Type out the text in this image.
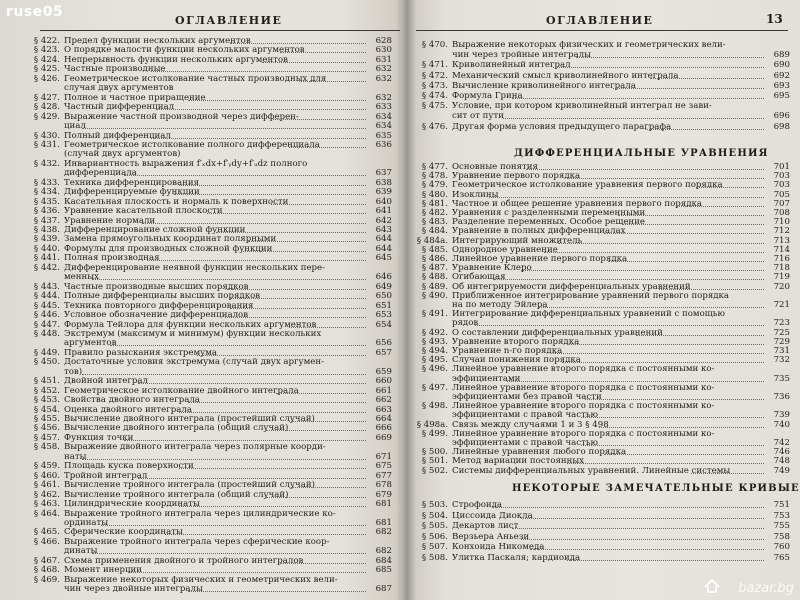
ОГЛАВЛЕНИЕ
§ 422. Предел функции нескольких аргументов	628
§ 423. О порядке малости функции нескольких аргументов	630
§ 424. Непрерывность функции нескольких аргументов	631
§ 425. Частные производные	632
§ 426. Геометрическое истолкование частных производных для	632
случая двух аргументов
§ 427. Полное и частное приращение	632
§ 428. Частный дифференциал	633
§ 429. Выражение частной производной через дифферен-	634
циал	634
§ 430. Полный дифференциал	635
§ 431. Геометрическое истолкование полного дифференциала	636
(случай двух аргументов)
§ 432. Инвариантность выражения f′ₓdx+f′ᵧdy+f′ᵤdz полного
дифференциала	637
§ 433. Техника дифференцирования	638
§ 434. Дифференцируемые функции	639
§ 435. Касательная плоскость и нормаль к поверхности	640
§ 436. Уравнение касательной плоскости	641
§ 437. Уравнение нормали	642
§ 438. Дифференцирование сложной функции	643
§ 439. Замена прямоугольных координат полярными	644
§ 440. Формулы для производных сложной функции	644
§ 441. Полная производная	645
§ 442. Дифференцирование неявной функции нескольких пере-
менных	646
§ 443. Частные производные высших порядков	649
§ 444. Полные дифференциалы высших порядков	650
§ 445. Техника повторного дифференцирования	651
§ 446. Условное обозначение дифференциалов	653
§ 447. Формула Тейлора для функции нескольких аргументов	654
§ 448. Экстремум (максимум и минимум) функции нескольких
аргументов	656
§ 449. Правило разыскания экстремума	657
§ 450. Достаточные условия экстремума (случай двух аргумен-
тов)	659
§ 451. Двойной интеграл	660
§ 452. Геометрическое истолкование двойного интеграла	661
§ 453. Свойства двойного интеграла	662
§ 454. Оценка двойного интеграла	663
§ 455. Вычисление двойного интеграла (простейший случай)	664
§ 456. Вычисление двойного интеграла (общий случай)	666
§ 457. Функция точки	669
§ 458. Выражение двойного интеграла через полярные коорди-
наты	671
§ 459. Площадь куска поверхности	675
§ 460. Тройной интеграл	677
§ 461. Вычисление тройного интеграла (простейший случай)	678
§ 462. Вычисление тройного интеграла (общий случай)	679
§ 463. Цилиндрические координаты	681
§ 464. Выражение тройного интеграла через цилиндрические ко-
ординаты	681
§ 465. Сферические координаты	682
§ 466. Выражение тройного интеграла через сферические коор-
динаты	682
§ 467. Схема применения двойного и тройного интегралов	684
§ 468. Момент инерции	685
§ 469. Выражение некоторых физических и геометрических вели-
чин через двойные интегралы	687
ОГЛАВЛЕНИЕ	13
§ 470. Выражение некоторых физических и геометрических вели-
чин через тройные интегралы	689
§ 471. Криволинейный интеграл	690
§ 472. Механический смысл криволинейного интеграла	692
§ 473. Вычисление криволинейного интеграла	693
§ 474. Формула Грина	695
§ 475. Условие, при котором криволинейный интеграл не зави-
сит от пути	696
§ 476. Другая форма условия предыдущего параграфа	698
ДИФФЕРЕНЦИАЛЬНЫЕ УРАВНЕНИЯ
§ 477. Основные понятия	701
§ 478. Уравнение первого порядка	703
§ 479. Геометрическое истолкование уравнения первого порядка	703
§ 480. Изоклины	705
§ 481. Частное и общее решение уравнения первого порядка	707
§ 482. Уравнения с разделенными переменными	708
§ 483. Разделение переменных. Особое решение	710
§ 484. Уравнение в полных дифференциалах	712
§ 484а. Интегрирующий множитель	713
§ 485. Однородное уравнение	714
§ 486. Линейное уравнение первого порядка	716
§ 487. Уравнение Клеро	718
§ 488. Огибающая	719
§ 489. Об интегрируемости дифференциальных уравнений	720
§ 490. Приближенное интегрирование уравнений первого порядка
на по методу Эйлера	721
§ 491. Интегрирование дифференциальных уравнений с помощью
рядов	723
§ 492. О составлении дифференциальных уравнений	725
§ 493. Уравнение второго порядка	729
§ 494. Уравнение n-го порядка	731
§ 495. Случаи понижения порядка	732
§ 496. Линейное уравнение второго порядка с постоянными ко-
эффициентами	735
§ 497. Линейное уравнение второго порядка с постоянными ко-
эффициентами без правой части	736
§ 498. Линейное уравнение второго порядка с постоянными ко-
эффициентами с правой частью	739
§ 498а. Связь между случаями 1 и 3 § 498	740
§ 499. Линейное уравнение второго порядка с постоянными ко-
эффициентами с правой частью	742
§ 500. Линейные уравнения любого порядка	746
§ 501. Метод вариации постоянных	748
§ 502. Системы дифференциальных уравнений. Линейные системы	749
НЕКОТОРЫЕ ЗАМЕЧАТЕЛЬНЫЕ КРИВЫЕ
§ 503. Строфоида	751
§ 504. Циссоида Диокла	753
§ 505. Декартов лист	755
§ 506. Верзьера Аньези	758
§ 507. Конхоида Никомеда	760
§ 508. Улитка Паскаля; кардиоида	765
ruse05
bazar.bg
